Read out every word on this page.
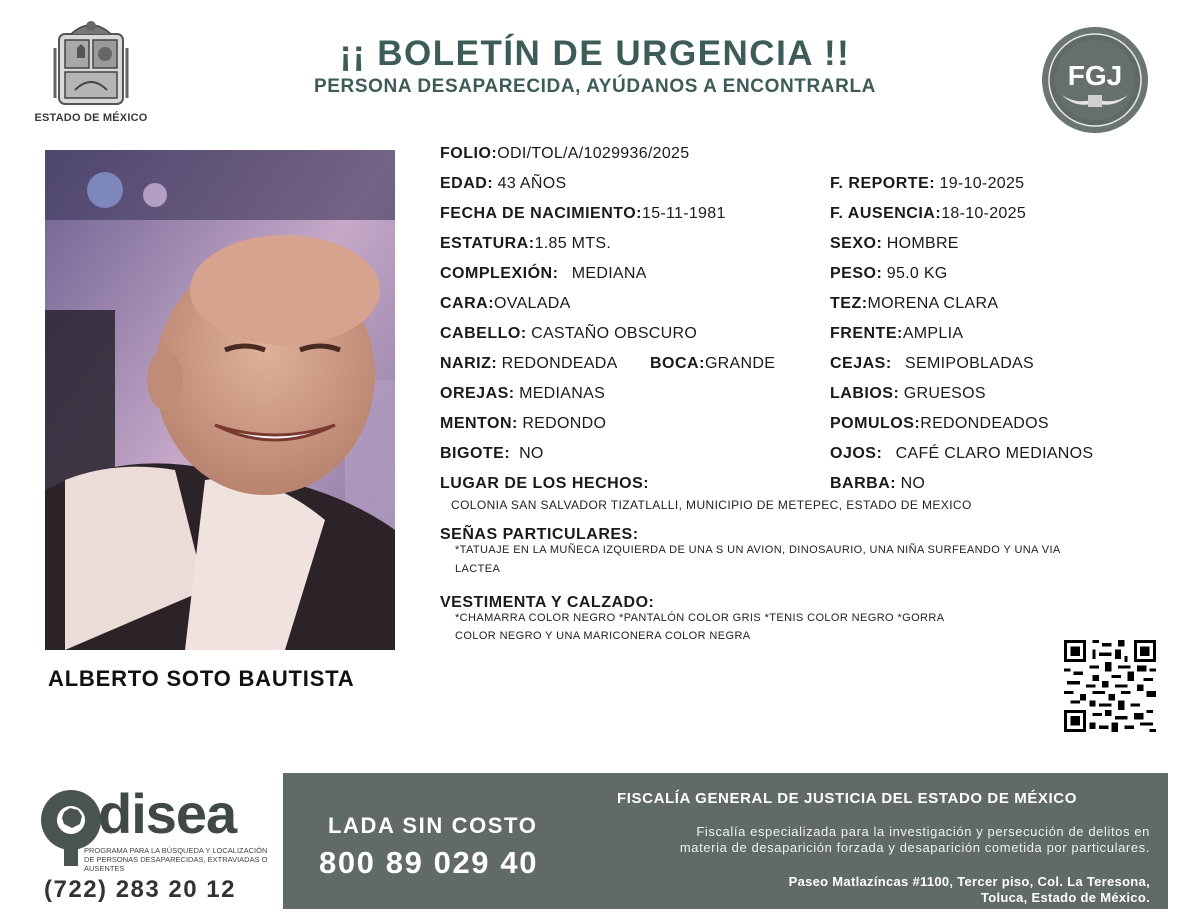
ESTADO DE MÉXICO
¡¡ BOLETÍN DE URGENCIA !!
PERSONA DESAPARECIDA, AYÚDANOS A ENCONTRARLA	FGJ
ALBERTO SOTO BAUTISTA
FOLIO:ODI/TOL/A/1029936/2025
EDAD: 43 AÑOS
FECHA DE NACIMIENTO:15-11-1981
ESTATURA:1.85 MTS.
COMPLEXIÓN: MEDIANA
CARA:OVALADA
CABELLO: CASTAÑO OBSCURO
NARIZ: REDONDEADA BOCA:GRANDE
OREJAS: MEDIANAS
MENTON: REDONDO
BIGOTE: NO
LUGAR DE LOS HECHOS:
COLONIA SAN SALVADOR TIZATLALLI, MUNICIPIO DE METEPEC, ESTADO DE MEXICO
F. REPORTE: 19-10-2025
F. AUSENCIA:18-10-2025
SEXO: HOMBRE
PESO: 95.0 KG
TEZ:MORENA CLARA
FRENTE:AMPLIA
CEJAS: SEMIPOBLADAS
LABIOS: GRUESOS
POMULOS:REDONDEADOS
OJOS: CAFÉ CLARO MEDIANOS
BARBA: NO
SEÑAS PARTICULARES:
*TATUAJE EN LA MUÑECA IZQUIERDA DE UNA S UN AVION, DINOSAURIO, UNA NIÑA SURFEANDO Y UNA VIA
LACTEA
VESTIMENTA Y CALZADO:
*CHAMARRA COLOR NEGRO *PANTALÓN COLOR GRIS *TENIS COLOR NEGRO *GORRA
COLOR NEGRO Y UNA MARICONERA COLOR NEGRA
disea
PROGRAMA PARA LA BÚSQUEDA Y LOCALIZACIÓN DE PERSONAS DESAPARECIDAS, EXTRAVIADAS O AUSENTES
(722) 283 20 12
LADA SIN COSTO
800 89 029 40
FISCALÍA GENERAL DE JUSTICIA DEL ESTADO DE MÉXICO
Fiscalía especializada para la investigación y persecución de delitos en
materia de desaparición forzada y desaparición cometida por particulares.
Paseo Matlazíncas #1100, Tercer piso, Col. La Teresona,
Toluca, Estado de México.
